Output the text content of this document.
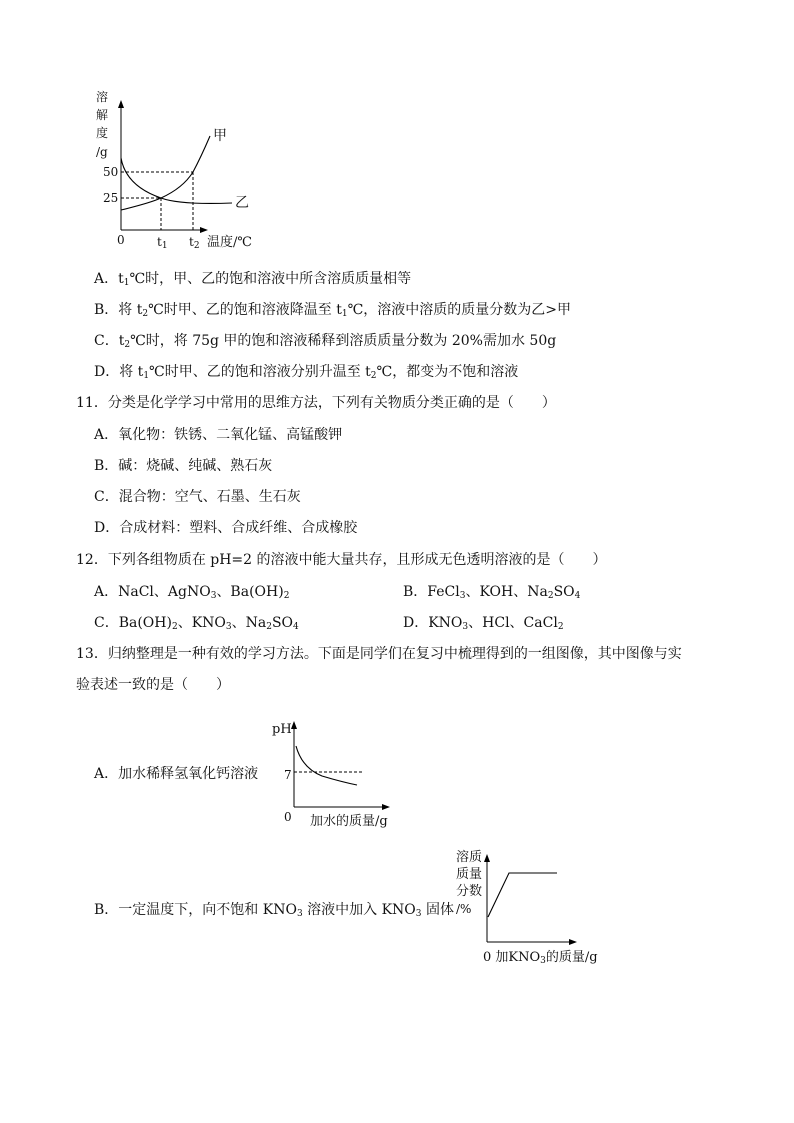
溶
解
度
/g
50
25
0	$t_1$ $t_2$ 温度/℃
甲
乙
A．$t_1℃$时，甲、乙的饱和溶液中所含溶质质量相等
B．将 $t_2℃$时甲、乙的饱和溶液降温至 $t_1℃$，溶液中溶质的质量分数为乙>甲
C．$t_2℃$时，将 75g 甲的饱和溶液稀释到溶质质量分数为 20%需加水 50g
D．将 $t_1℃$时甲、乙的饱和溶液分别升温至 $t_2℃$，都变为不饱和溶液
11．分类是化学学习中常用的思维方法，下列有关物质分类正确的是（　　）
A．氧化物：铁锈、二氧化锰、高锰酸钾
B．碱：烧碱、纯碱、熟石灰
C．混合物：空气、石墨、生石灰
D．合成材料：塑料、合成纤维、合成橡胶
12．下列各组物质在 pH=2 的溶液中能大量共存，且形成无色透明溶液的是（　　）
A．NaCl、AgNO$_3$、$Ba(OH)_2$	B．FeCl$_3$、KOH、$Na_2SO_4$
C．$Ba(OH)_2$、$KNO_3$、$Na_2SO_4$	D．$KNO_3$、HCl、CaCl$_2$
13．归纳整理是一种有效的学习方法。下面是同学们在复习中梳理得到的一组图像，其中图像与实
验表述一致的是（　　）
A．加水稀释氢氧化钙溶液
pH
7
0 加水的质量/g
B．一定温度下，向不饱和 $KNO_3$ 溶液中加入 $KNO_3$ 固体
溶质
质量
分数
/%
0 加$KNO_3$的质量/g
